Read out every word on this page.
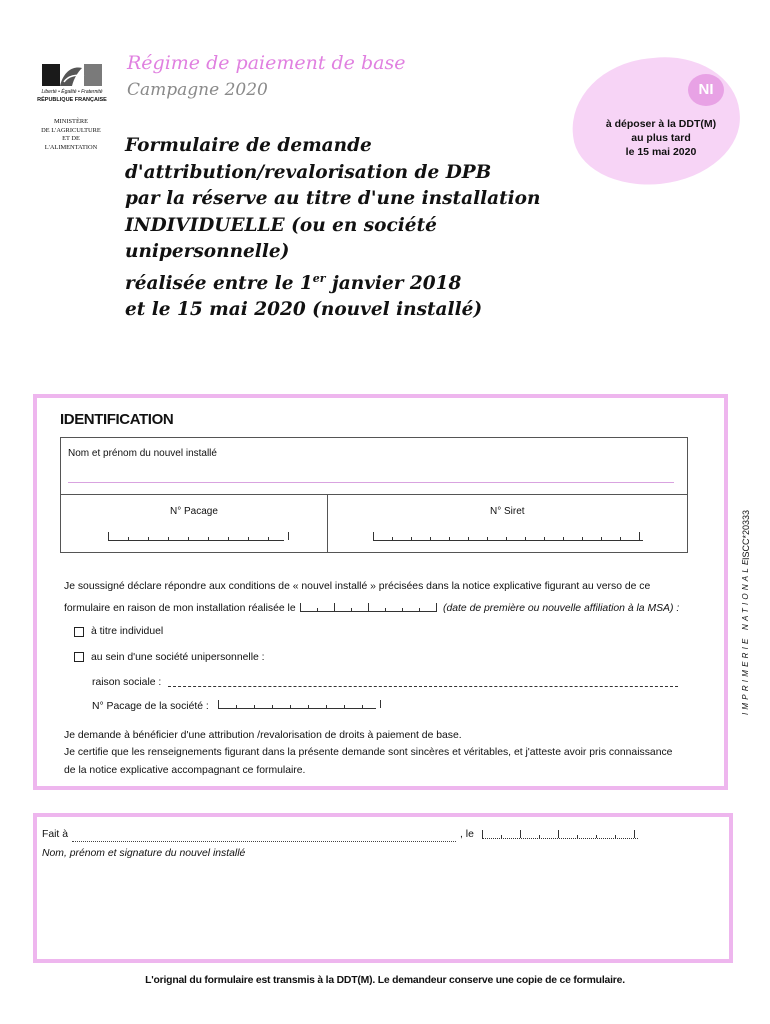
Liberté • Égalité • Fraternité
RÉPUBLIQUE FRANÇAISE
MINISTÈRE
DE L'AGRICULTURE
ET DE
L'ALIMENTATION
Régime de paiement de base
Campagne 2020
Formulaire de demande
d'attribution/revalorisation de DPB
par la réserve au titre d'une installation
INDIVIDUELLE (ou en société unipersonnelle)
réalisée entre le 1er janvier 2018
et le 15 mai 2020 (nouvel installé)
NI
à déposer à la DDT(M)
au plus tard
le 15 mai 2020
IDENTIFICATION
Nom et prénom du nouvel installé
N° Pacage	N° Siret
IMPRIMERIE NATIONALE
ISCC*20333
Je soussigné déclare répondre aux conditions de « nouvel installé » précisées dans la notice explicative figurant au verso de ce
formulaire en raison de mon installation réalisée le	(date de première ou nouvelle affiliation à la MSA) :
à titre individuel
au sein d'une société unipersonnelle :
raison sociale :
N° Pacage de la société :
Je demande à bénéficier d'une attribution /revalorisation de droits à paiement de base.
Je certifie que les renseignements figurant dans la présente demande sont sincères et véritables, et j'atteste avoir pris connaissance
de la notice explicative accompagnant ce formulaire.
Fait à	, le
Nom, prénom et signature du nouvel installé
L'orignal du formulaire est transmis à la DDT(M). Le demandeur conserve une copie de ce formulaire.
